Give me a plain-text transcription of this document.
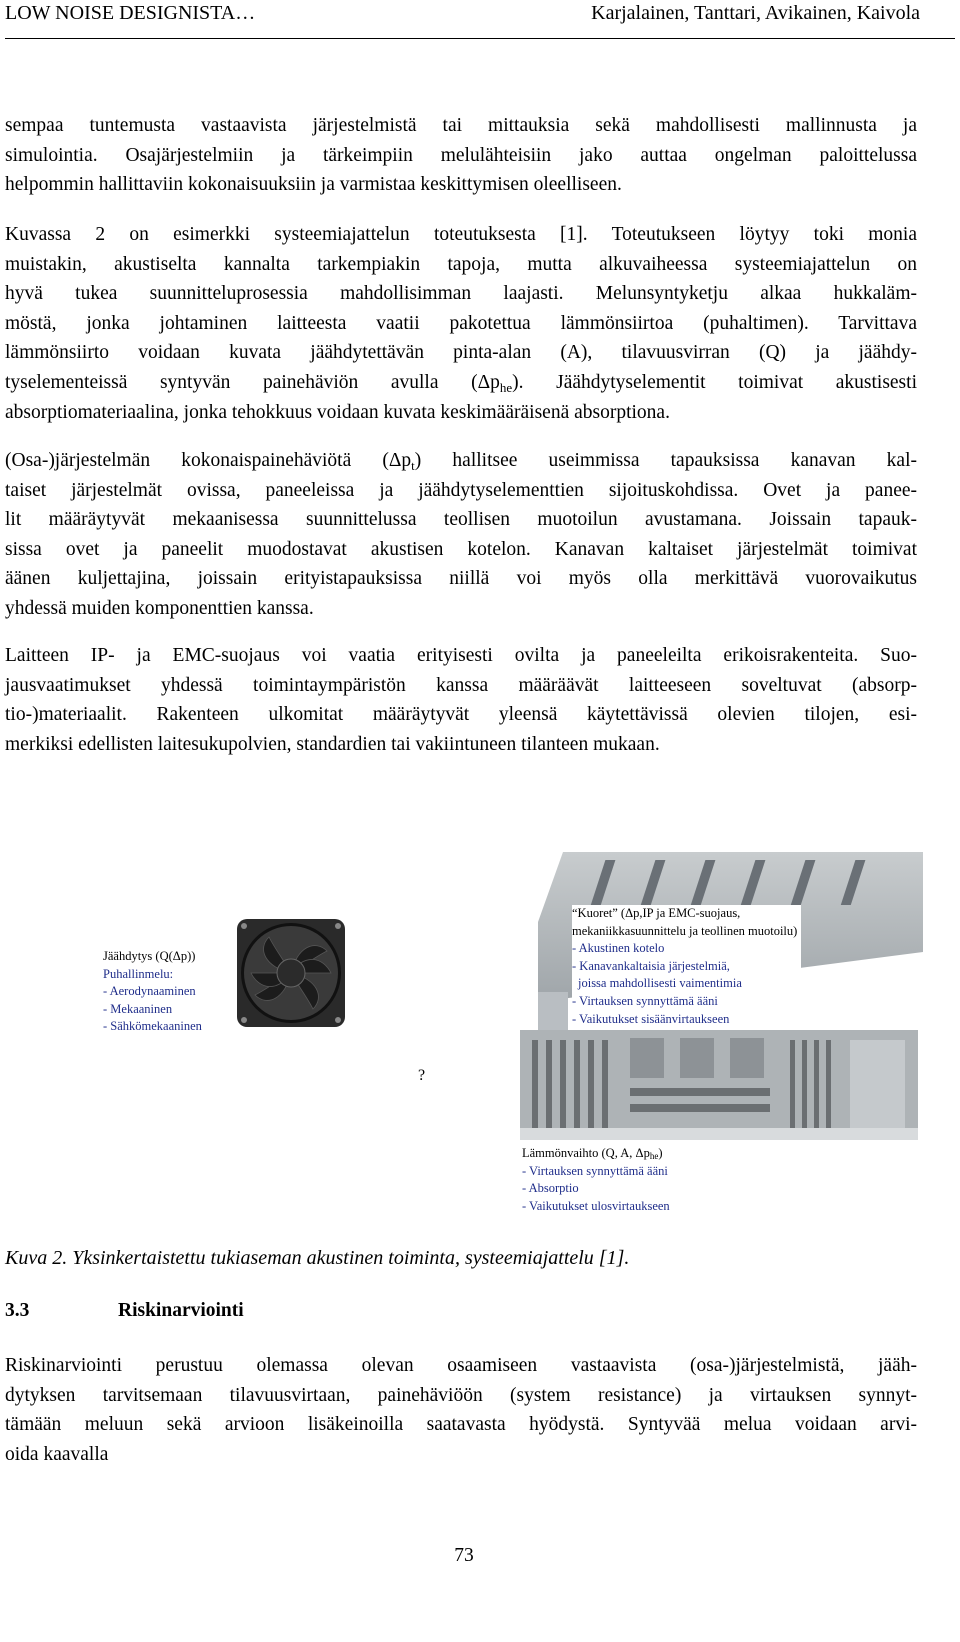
LOW NOISE DESIGNISTA…	Karjalainen, Tanttari, Avikainen, Kaivola
sempaa tuntemusta vastaavista järjestelmistä tai mittauksia sekä mahdollisesti mallinnusta ja
simulointia. Osajärjestelmiin ja tärkeimpiin melulähteisiin jako auttaa ongelman paloittelussa
helpommin hallittaviin kokonaisuuksiin ja varmistaa keskittymisen oleelliseen.
Kuvassa 2 on esimerkki systeemiajattelun toteutuksesta [1]. Toteutukseen löytyy toki monia
muistakin, akustiselta kannalta tarkempiakin tapoja, mutta alkuvaiheessa systeemiajattelun on
hyvä tukea suunnitteluprosessia mahdollisimman laajasti. Melunsyntyketju alkaa hukkaläm-
möstä, jonka johtaminen laitteesta vaatii pakotettua lämmönsiirtoa (puhaltimen). Tarvittava
lämmönsiirto voidaan kuvata jäähdytettävän pinta-alan (A), tilavuusvirran (Q) ja jäähdy-
tyselementeissä syntyvän painehäviön avulla $(\Delta p_{he})$. Jäähdytyselementit toimivat akustisesti
absorptiomateriaalina, jonka tehokkuus voidaan kuvata keskimääräisenä absorptiona.
(Osa-)järjestelmän kokonaispainehäviötä $(\Delta p_t)$ hallitsee useimmissa tapauksissa kanavan kal-
taiset järjestelmät ovissa, paneeleissa ja jäähdytyselementtien sijoituskohdissa. Ovet ja panee-
lit määräytyvät mekaanisessa suunnittelussa teollisen muotoilun avustamana. Joissain tapauk-
sissa ovet ja paneelit muodostavat akustisen kotelon. Kanavan kaltaiset järjestelmät toimivat
äänen kuljettajina, joissain erityistapauksissa niillä voi myös olla merkittävä vuorovaikutus
yhdessä muiden komponenttien kanssa.
Laitteen IP- ja EMC-suojaus voi vaatia erityisesti ovilta ja paneeleilta erikoisrakenteita. Suo-
jausvaatimukset yhdessä toimintaympäristön kanssa määräävät laitteeseen soveltuvat (absorp-
tio-)materiaalit. Rakenteen ulkomitat määräytyvät yleensä käytettävissä olevien tilojen, esi-
merkiksi edellisten laitesukupolvien, standardien tai vakiintuneen tilanteen mukaan.
Jäähdytys (Q(Δp))
Puhallinmelu:
- Aerodynaaminen
- Mekaaninen
- Sähkömekaaninen
“Kuoret” (Δp,IP ja EMC-suojaus,
mekaniikkasuunnittelu ja teollinen muotoilu)
- Akustinen kotelo
- Kanavankaltaisia järjestelmiä,
joissa mahdollisesti vaimentimia
- Virtauksen synnyttämä ääni
- Vaikutukset sisäänvirtaukseen
?
Lämmönvaihto (Q, A, $\Delta p_{he}$)
- Virtauksen synnyttämä ääni
- Absorptio
- Vaikutukset ulosvirtaukseen
Kuva 2. Yksinkertaistettu tukiaseman akustinen toiminta, systeemiajattelu [1].
3.3	Riskinarviointi
Riskinarviointi perustuu olemassa olevan osaamiseen vastaavista (osa-)järjestelmistä, jääh-
dytyksen tarvitsemaan tilavuusvirtaan, painehäviöön (system resistance) ja virtauksen synnyt-
tämään meluun sekä arvioon lisäkeinoilla saatavasta hyödystä. Syntyvää melua voidaan arvi-
oida kaavalla
73
